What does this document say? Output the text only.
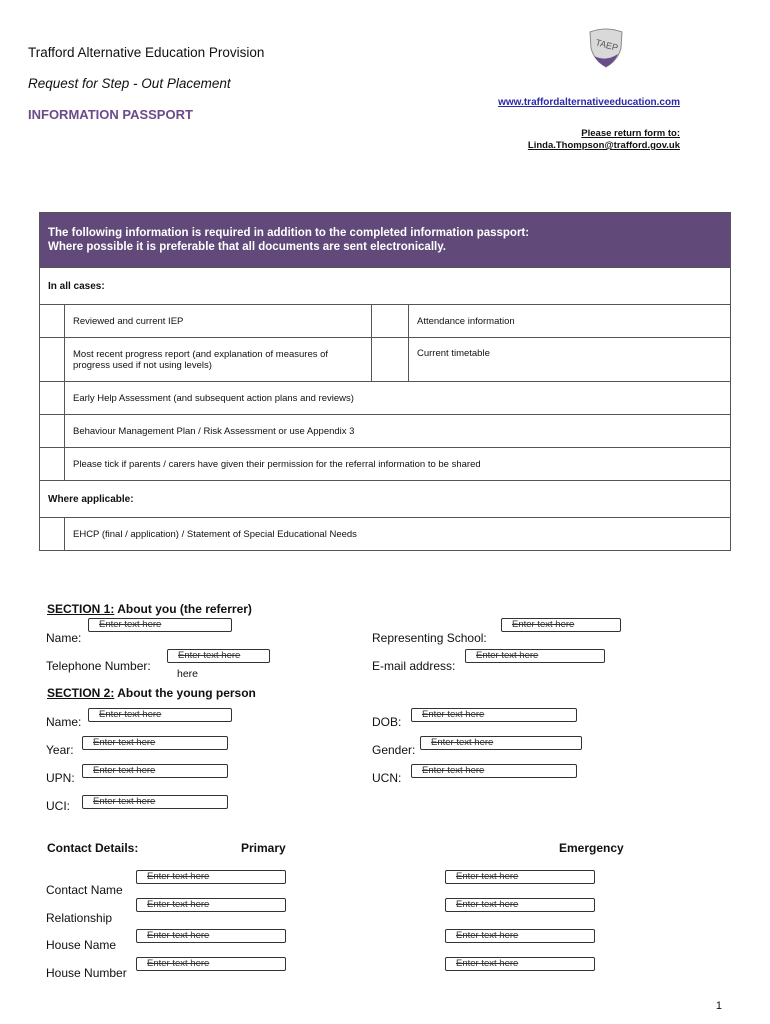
Trafford Alternative Education Provision
Request for Step - Out Placement
INFORMATION PASSPORT
TAEP
www.traffordalternativeeducation.com
Please return form to:
Linda.Thompson@trafford.gov.uk
The following information is required in addition to the completed information passport:
Where possible it is preferable that all documents are sent electronically.			

In all cases:			
	Reviewed and current IEP		Attendance information
	Most recent progress report (and explanation of measures of progress used if not using levels)		Current timetable
	Early Help Assessment (and subsequent action plans and reviews)		
	Behaviour Management Plan / Risk Assessment or use Appendix 3		
	Please tick if parents / carers have given their permission for the referral information to be shared		
Where applicable:			
	EHCP (final / application) / Statement of Special Educational Needs		
SECTION 1: About you (the referrer)
Name:
Enter text here
Representing School:
Enter text here
Telephone Number:
Enter text here
here
E-mail address:
Enter text here
SECTION 2: About the young person
Name:
Enter text here
DOB:
Enter text here
Year:
Enter text here
Gender:
Enter text here
UPN:
Enter text here
UCN:
Enter text here
UCI:	Enter text here
Contact Details:	Primary	Emergency
Contact Name
Enter text here	Enter text here
Relationship
Enter text here	Enter text here
House Name
Enter text here	Enter text here
House Number
Enter text here	Enter text here
1
